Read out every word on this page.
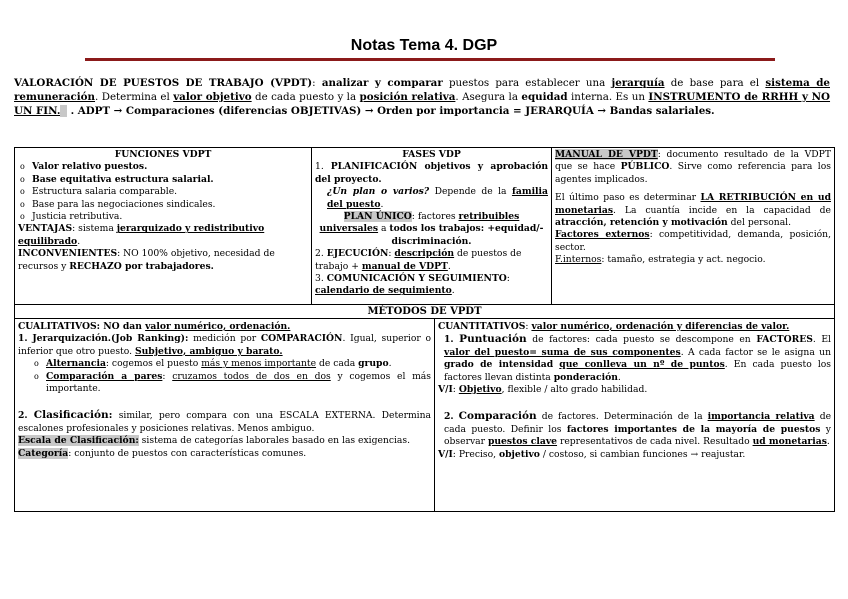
Notas Tema 4. DGP
VALORACIÓN DE PUESTOS DE TRABAJO (VPDT): analizar y comparar puestos para establecer una jerarquía de base para el sistema de remuneración. Determina el valor objetivo de cada puesto y la posición relativa. Asegura la equidad interna. Es un INSTRUMENTO de RRHH y NO UN FIN.   . ADPT → Comparaciones (diferencias OBJETIVAS) → Orden por importancia = JERARQUÍA → Bandas salariales.
FUNCIONES VDPT
o Valor relativo puestos.
o Base equitativa estructura salarial.
o Estructura salaria comparable.
o Base para las negociaciones sindicales.
o Justicia retributiva.
VENTAJAS: sistema jerarquizado y redistributivo equilibrado.
INCONVENIENTES: NO 100% objetivo, necesidad de recursos y RECHAZO por trabajadores.
FASES VDP
1. PLANIFICACIÓN objetivos y aprobación del proyecto.
¿Un plan o varios? Depende de la familia del puesto.
PLAN ÚNICO: factores retribuibles universales a todos los trabajos: +equidad/-discriminación.
2. EJECUCIÓN: descripción de puestos de trabajo + manual de VDPT.
3. COMUNICACIÓN Y SEGUIMIENTO: calendario de seguimiento.
MANUAL DE VPDT: documento resultado de la VDPT que se hace PÚBLICO. Sirve como referencia para los agentes implicados.
El último paso es determinar LA RETRIBUCIÓN en ud monetarias. La cuantía incide en la capacidad de atracción, retención y motivación del personal.
Factores externos: competitividad, demanda, posición, sector.
F.internos: tamaño, estrategia y act. negocio.
MÉTODOS DE VPDT
CUALITATIVOS: NO dan valor numérico, ordenación.
1. Jerarquización.(Job Ranking): medición por COMPARACIÓN. Igual, superior o inferior que otro puesto. Subjetivo, ambiguo y barato.
o Alternancia: cogemos el puesto más y menos importante de cada grupo.
o Comparación a pares: cruzamos todos de dos en dos y cogemos el más importante.
2. Clasificación: similar, pero compara con una ESCALA EXTERNA. Determina escalones profesionales y posiciones relativas. Menos ambiguo.
Escala de Clasificación: sistema de categorías laborales basado en las exigencias.
Categoría: conjunto de puestos con características comunes.
CUANTITATIVOS: valor numérico, ordenación y diferencias de valor.
1. Puntuación de factores: cada puesto se descompone en FACTORES. El valor del puesto= suma de sus componentes. A cada factor se le asigna un grado de intensidad que conlleva un nº de puntos. En cada puesto los factores llevan distinta ponderación.
V/I: Objetivo, flexible / alto grado habilidad.
2. Comparación de factores. Determinación de la importancia relativa de cada puesto. Definir los factores importantes de la mayoría de puestos y observar puestos clave representativos de cada nivel. Resultado ud monetarias.
V/I: Preciso, objetivo / costoso, si cambian funciones → reajustar.
